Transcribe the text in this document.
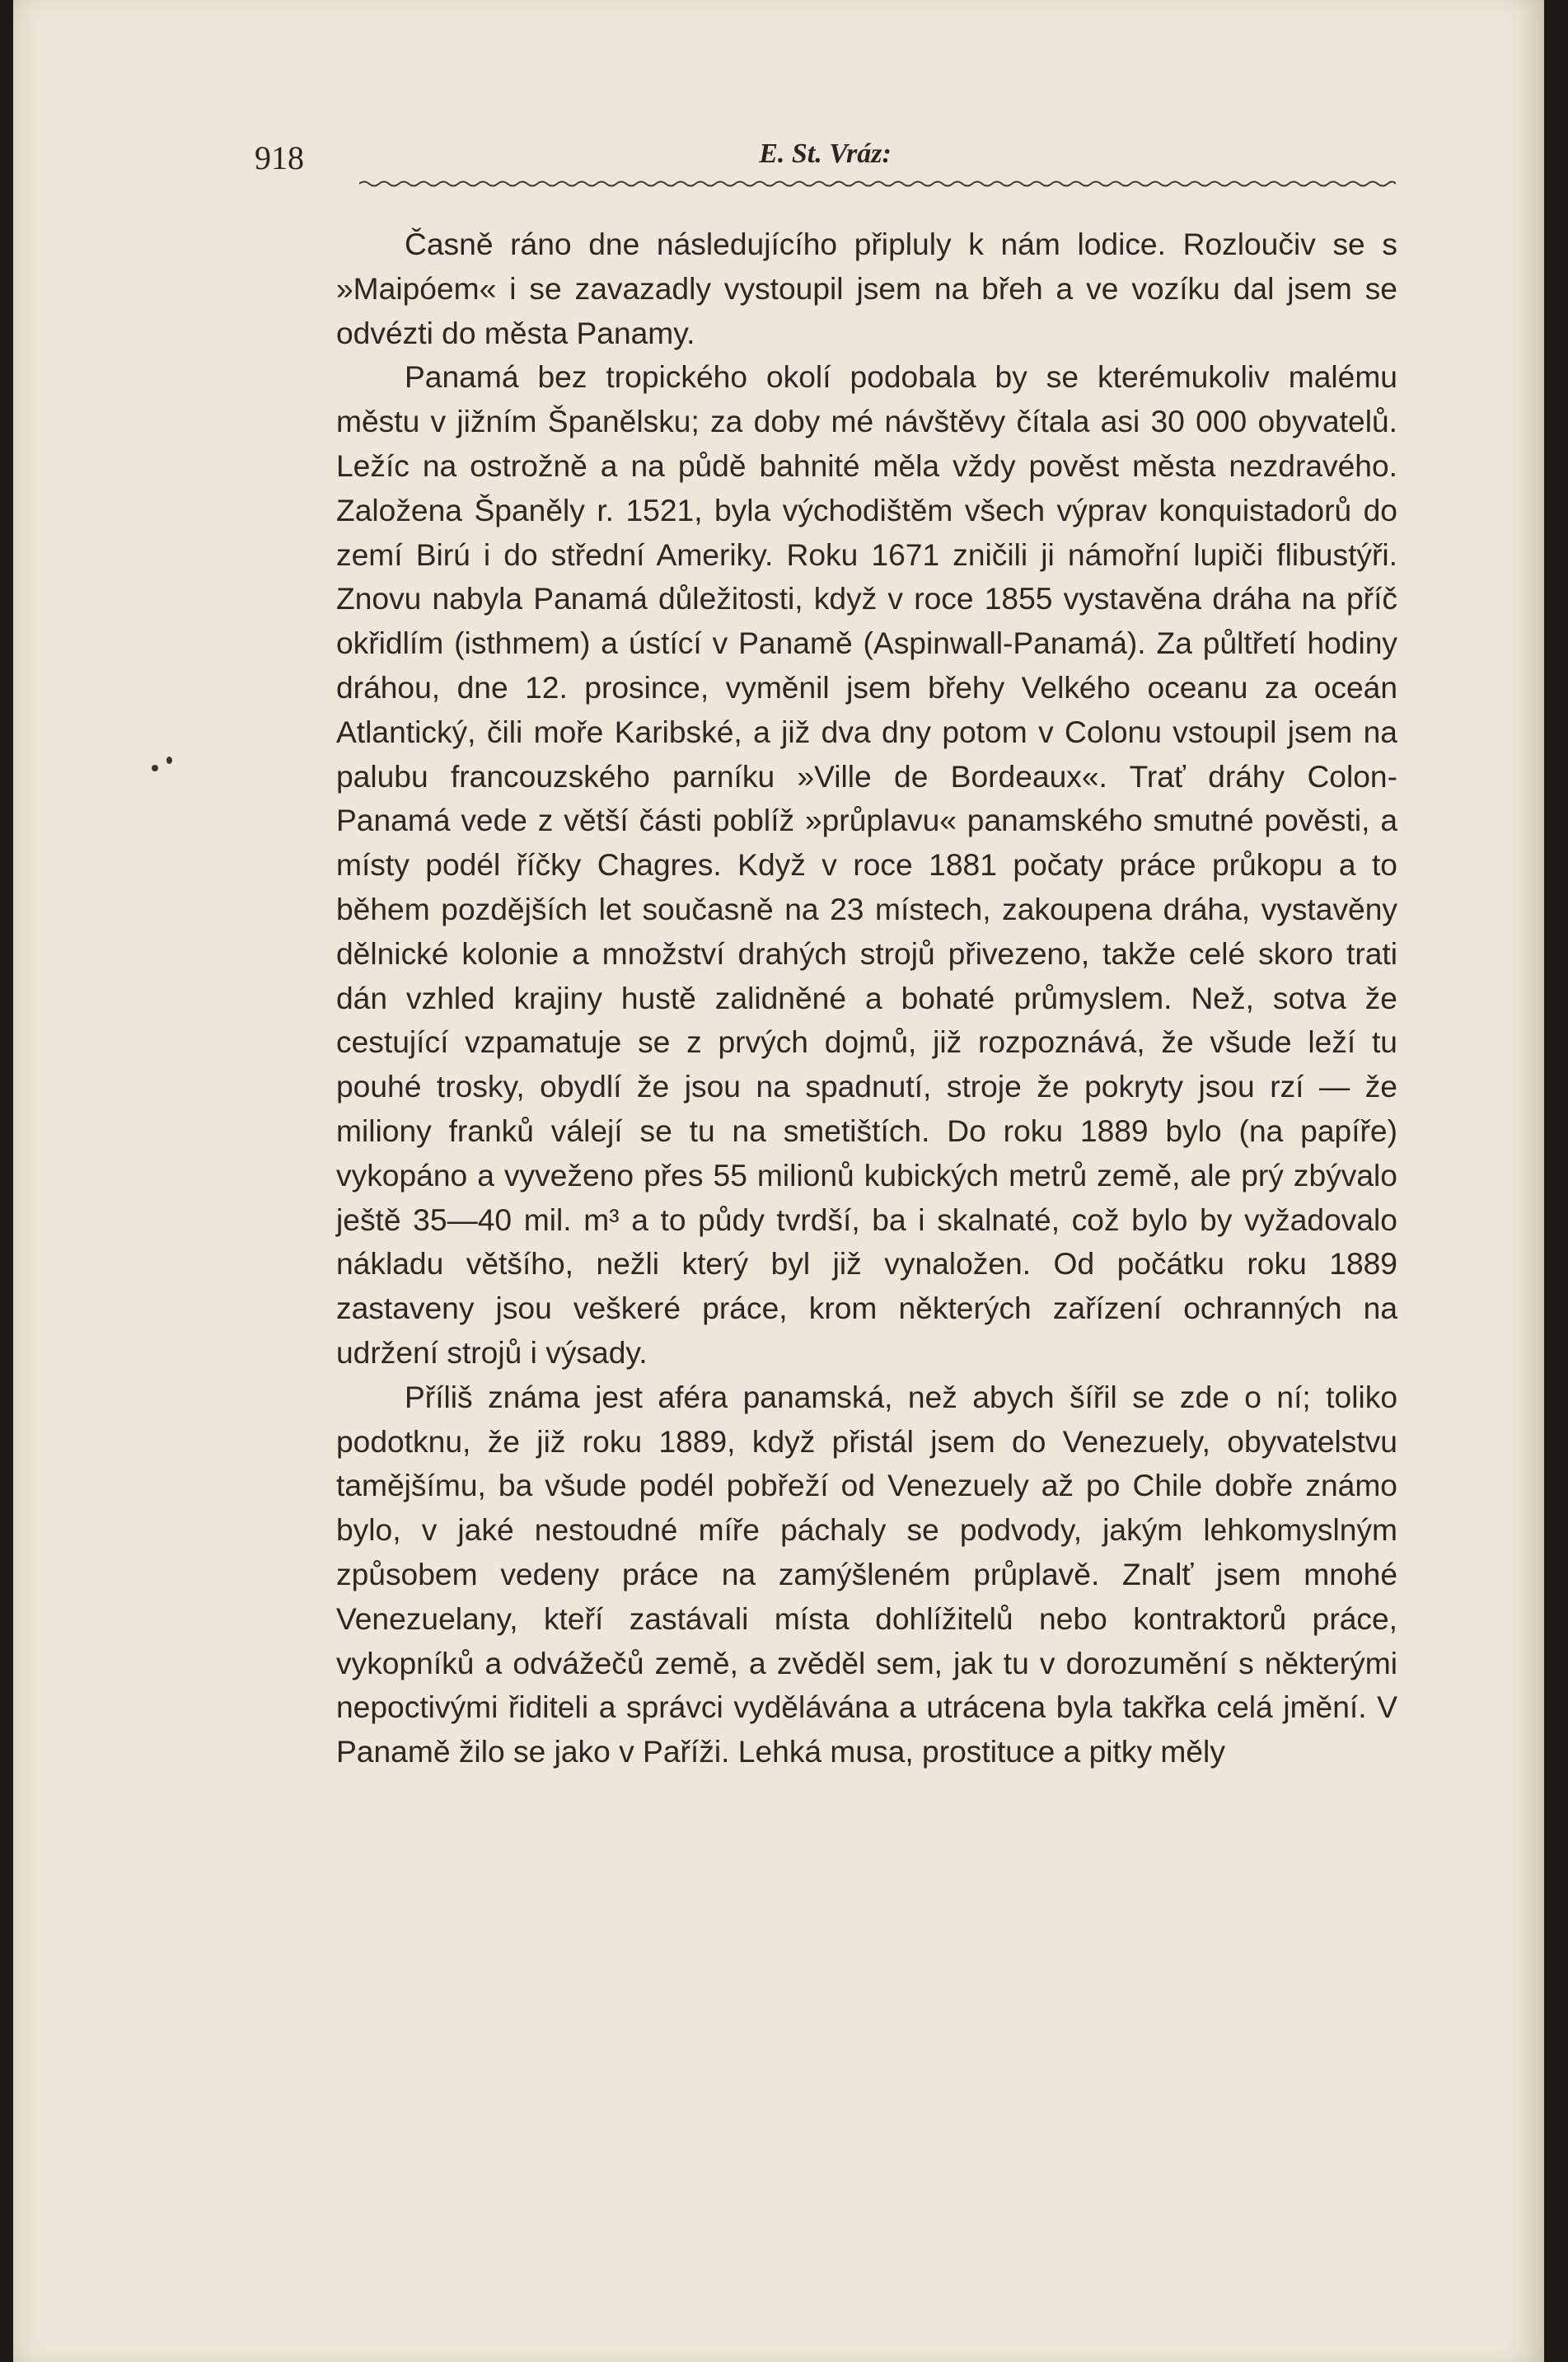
918	E. St. Vráz:

Časně ráno dne následujícího připluly k nám lodice. Rozloučiv se s »Maipóem« i se zavazadly vystoupil jsem na břeh a ve vozíku dal jsem se odvézti do města Panamy.

Panamá bez tropického okolí podobala by se kterémukoliv malému městu v jižním Španělsku; za doby mé návštěvy čítala asi 30 000 obyvatelů. Ležíc na ostrožně a na půdě bahnité měla vždy pověst města nezdravého. Založena Španěly r. 1521, byla východištěm všech výprav konquistadorů do zemí Birú i do střední Ameriky. Roku 1671 zničili ji námořní lupiči flibustýři. Znovu nabyla Panamá důležitosti, když v roce 1855 vystavěna dráha na příč okřidlím (isthmem) a ústící v Panamě (Aspinwall-Panamá). Za půltřetí hodiny dráhou, dne 12. prosince, vyměnil jsem břehy Velkého oceanu za oceán Atlantický, čili moře Karibské, a již dva dny potom v Colonu vstoupil jsem na palubu francouzského parníku »Ville de Bordeaux«. Trať dráhy Colon-Panamá vede z větší části poblíž »průplavu« panamského smutné pověsti, a místy podél říčky Chagres. Když v roce 1881 počaty práce průkopu a to během pozdějších let současně na 23 místech, zakoupena dráha, vystavěny dělnické kolonie a množství drahých strojů přivezeno, takže celé skoro trati dán vzhled krajiny hustě zalidněné a bohaté průmyslem. Než, sotva že cestující vzpamatuje se z prvých dojmů, již rozpoznává, že všude leží tu pouhé trosky, obydlí že jsou na spadnutí, stroje že pokryty jsou rzí — že miliony franků válejí se tu na smetištích. Do roku 1889 bylo (na papíře) vykopáno a vyveženo přes 55 milionů kubických metrů země, ale prý zbývalo ještě 35—40 mil. m³ a to půdy tvrdší, ba i skalnaté, což bylo by vyžadovalo nákladu většího, nežli který byl již vynaložen. Od počátku roku 1889 zastaveny jsou veškeré práce, krom některých zařízení ochranných na udržení strojů i výsady.

Příliš známa jest aféra panamská, než abych šířil se zde o ní; toliko podotknu, že již roku 1889, když přistál jsem do Venezuely, obyvatelstvu tamějšímu, ba všude podél pobřeží od Venezuely až po Chile dobře známo bylo, v jaké nestoudné míře páchaly se podvody, jakým lehkomyslným způsobem vedeny práce na zamýšleném průplavě. Znalť jsem mnohé Venezuelany, kteří zastávali místa dohlížitelů nebo kontraktorů práce, vykopníků a odvážečů země, a zvěděl sem, jak tu v dorozumění s některými nepoctivými řiditeli a správci vydělávána a utrácena byla takřka celá jmění. V Panamě žilo se jako v Paříži. Lehká musa, prostituce a pitky měly
